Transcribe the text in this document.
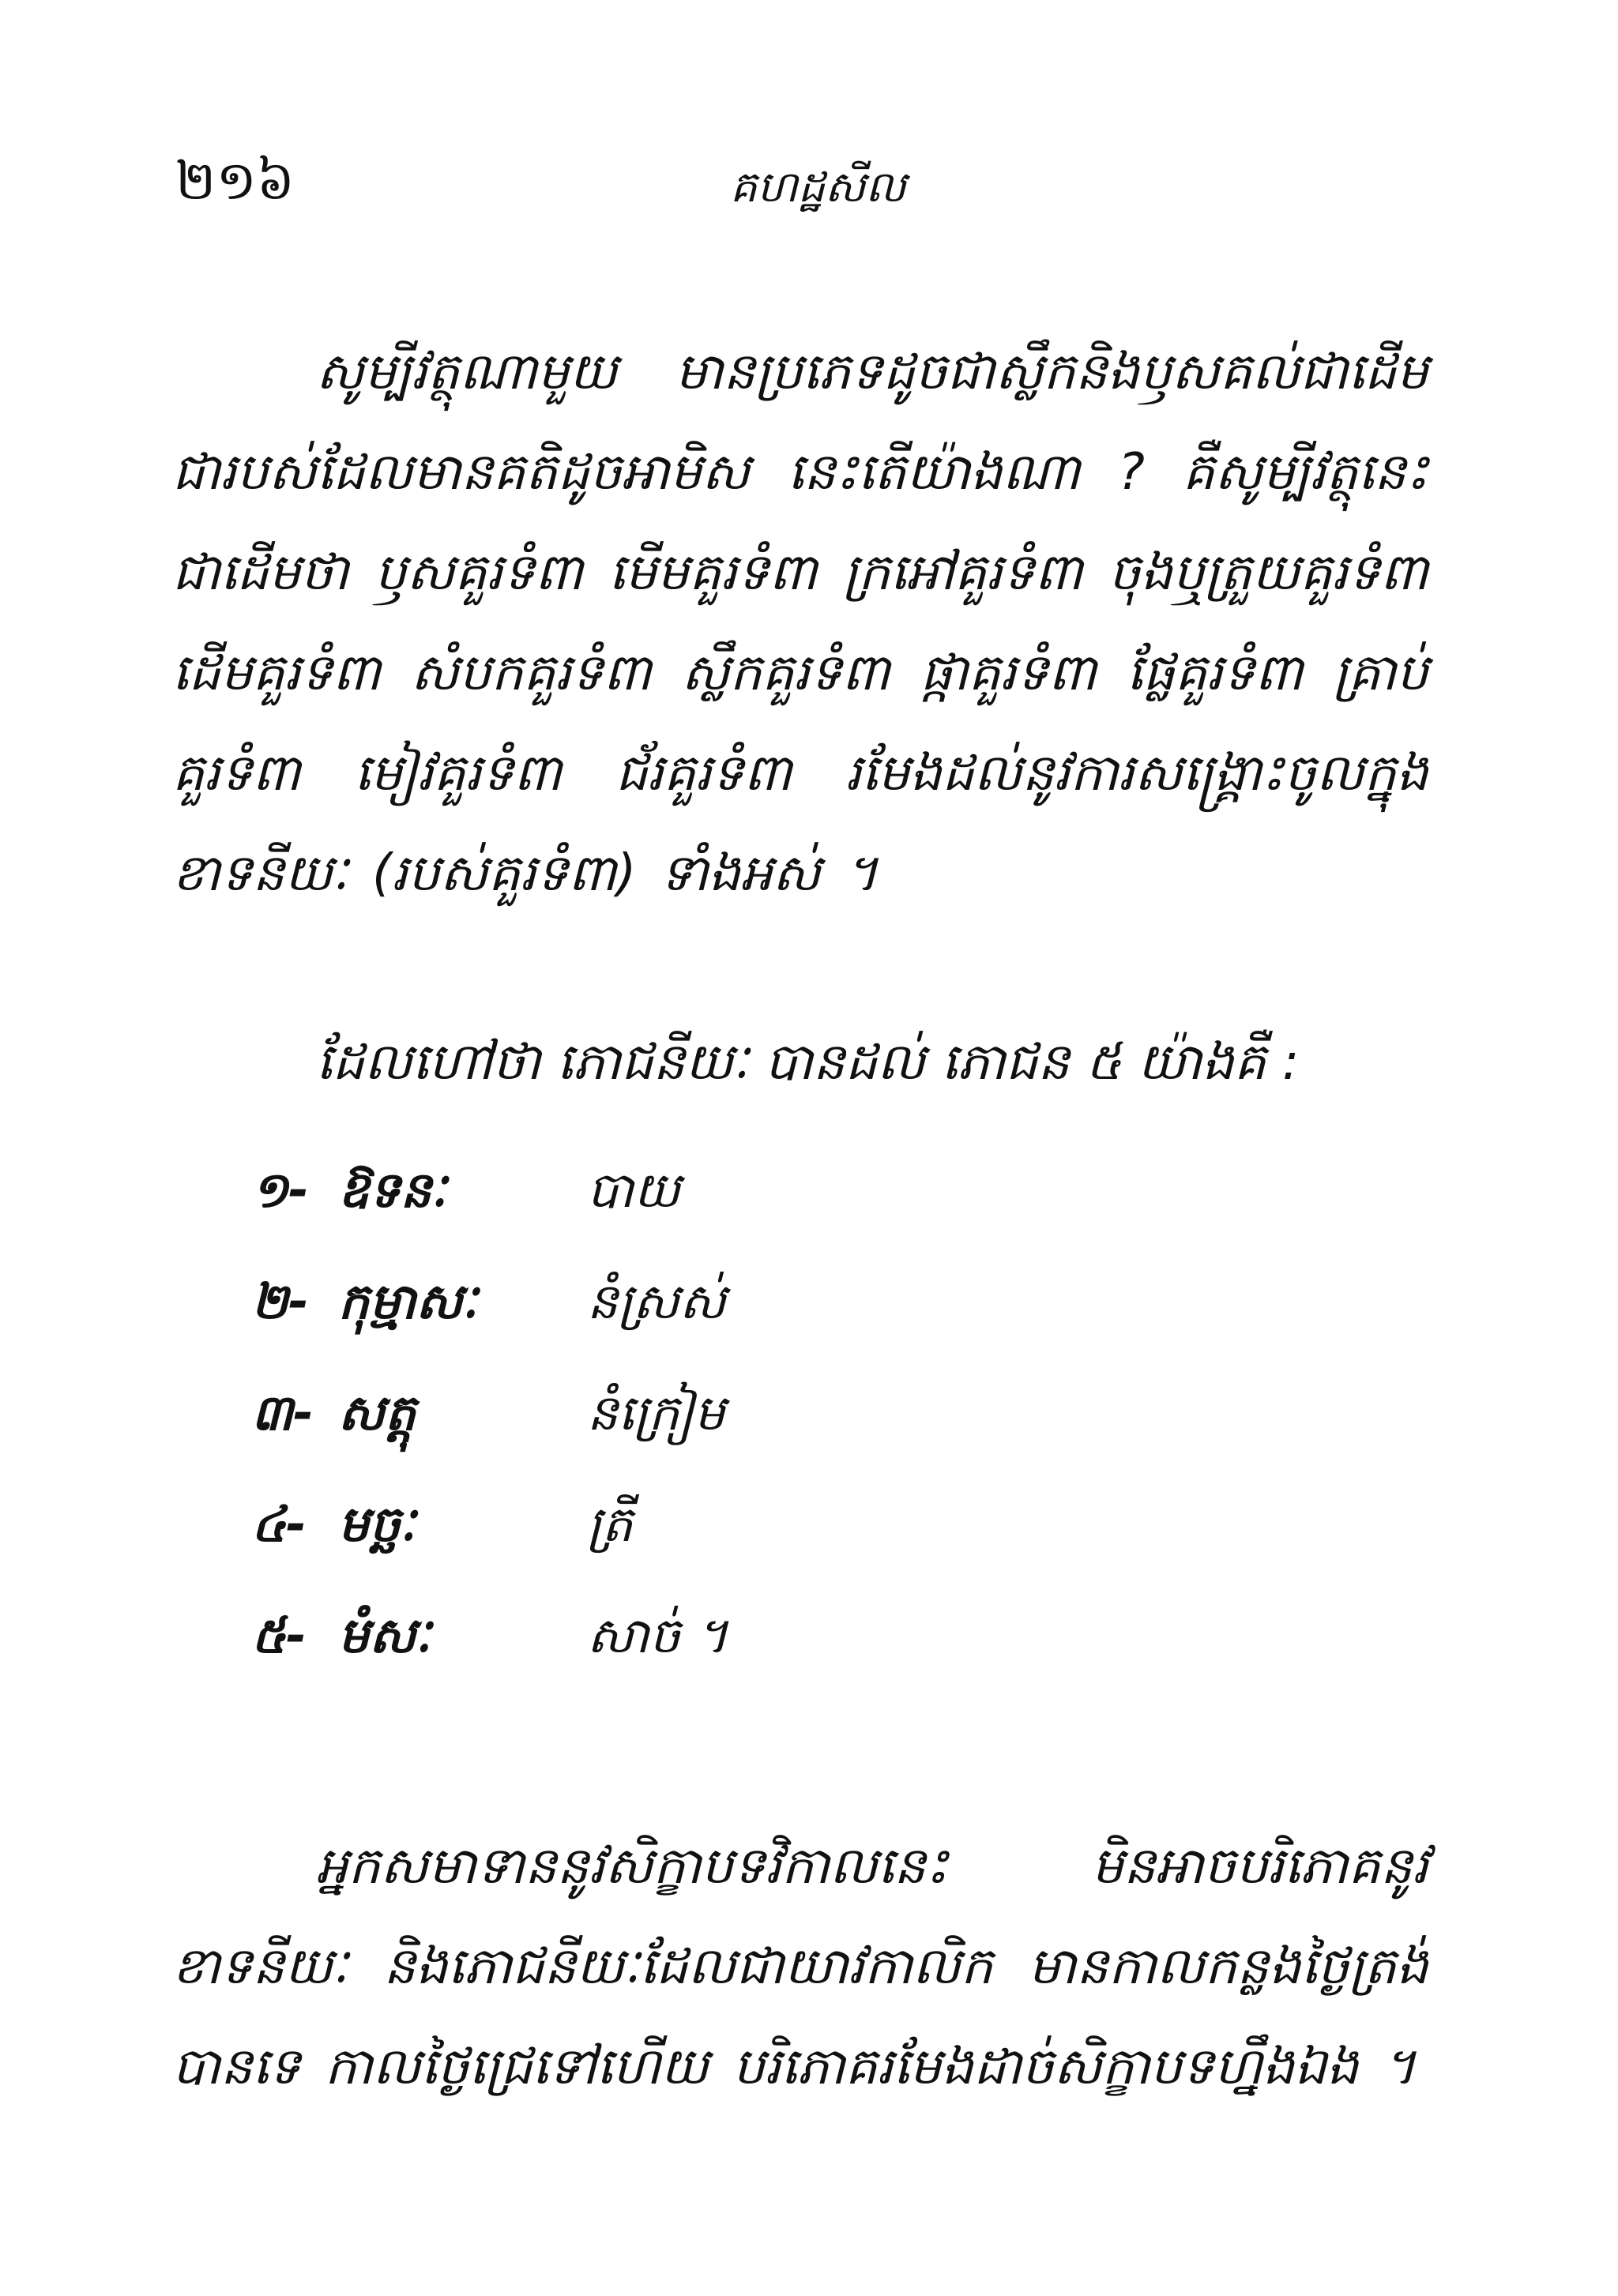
២១៦	គហដ្ឋសីល
សូម្បីវត្ថុណាមួយ មានប្រភេទដូចជាស្លឹកនិងឫសគល់ជាដើម ជារបស់ដែលមានគតិដូចអាមិស នេះតើយ៉ាងណា ? គឺសូម្បីវត្ថុនេះជាដើមថា ឫសគួរទំពា មើមគួរទំពា ក្រអៅគួរទំពា ចុងឬត្រួយគួរទំពា ដើមគួរទំពា សំបកគួរទំពា ស្លឹកគួរទំពា ផ្កាគួរទំពា ផ្លែគួរទំពា គ្រាប់គួរទំពា មៀវគួរទំពា ជ័រគួរទំពា រមែងដល់នូវការសង្គ្រោះចូលក្នុងខាទនីយៈ (របស់គួរទំពា) ទាំងអស់ ។
ដែលហៅថា ភោជនីយៈ បានដល់ ភោជន ៥ យ៉ាងគឺ :
១- ឱទនៈ	បាយ
២- កុម្មាសៈ	នំស្រស់
៣- សត្តុ	នំក្រៀម
៤- មច្ឆៈ	ត្រី
៥- មំសៈ	សាច់ ។
អ្នកសមាទាននូវសិក្ខាបទវិកាលនេះ មិនអាចបរិភោគនូវខាទនីយៈ និងភោជនីយៈដែលជាយាវកាលិក មានកាលកន្លងថ្ងៃត្រង់បានទេ កាលថ្ងៃជ្រេទៅហើយ បរិភោគរមែងដាច់សិក្ខាបទហ្នឹងឯង ។
